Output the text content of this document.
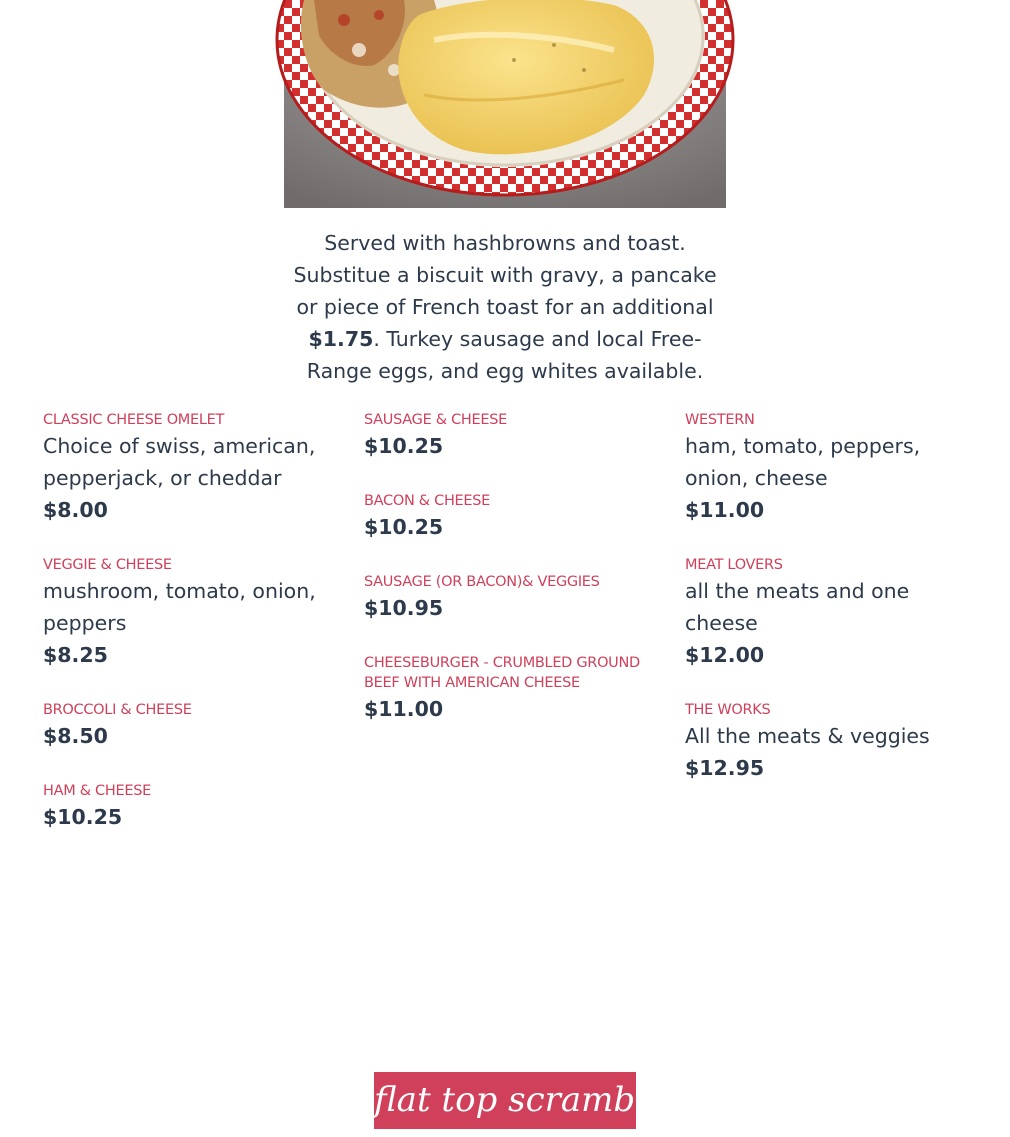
Served with hashbrowns and toast. Substitue a biscuit with gravy, a pancake or piece of French toast for an additional $1.75. Turkey sausage and local Free-Range eggs, and egg whites available.
CLASSIC CHEESE OMELET
Choice of swiss, american, pepperjack, or cheddar
$8.00
VEGGIE & CHEESE
mushroom, tomato, onion, peppers
$8.25
BROCCOLI & CHEESE
$8.50
HAM & CHEESE
$10.25
SAUSAGE & CHEESE
$10.25
BACON & CHEESE
$10.25
SAUSAGE (OR BACON)& VEGGIES
$10.95
CHEESEBURGER - CRUMBLED GROUND BEEF WITH AMERICAN CHEESE
$11.00
WESTERN
ham, tomato, peppers, onion, cheese
$11.00
MEAT LOVERS
all the meats and one cheese
$12.00
THE WORKS
All the meats & veggies
$12.95
flat top scramblers
